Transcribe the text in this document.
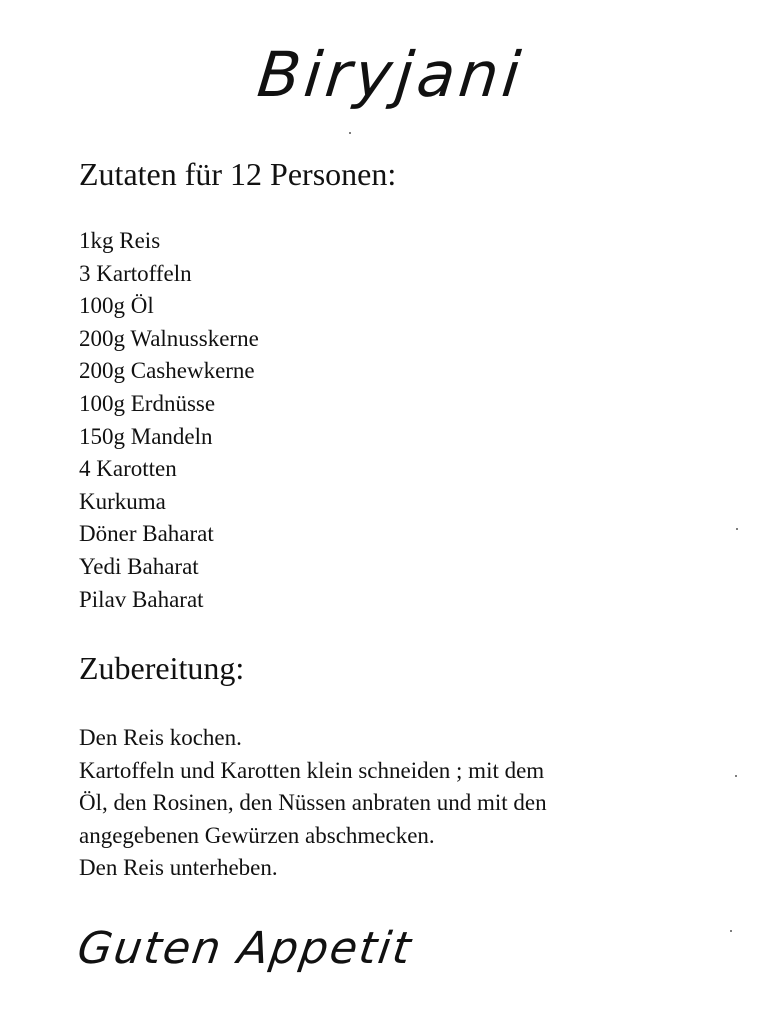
Biryjani
Zutaten für 12 Personen:
1kg Reis
3 Kartoffeln
100g Öl
200g Walnusskerne
200g Cashewkerne
100g Erdnüsse
150g Mandeln
4 Karotten
Kurkuma
Döner Baharat
Yedi Baharat
Pilav Baharat
Zubereitung:
Den Reis kochen.
Kartoffeln und Karotten klein schneiden ; mit dem
Öl, den Rosinen, den Nüssen anbraten und mit den
angegebenen Gewürzen abschmecken.
Den Reis unterheben.
Guten Appetit
